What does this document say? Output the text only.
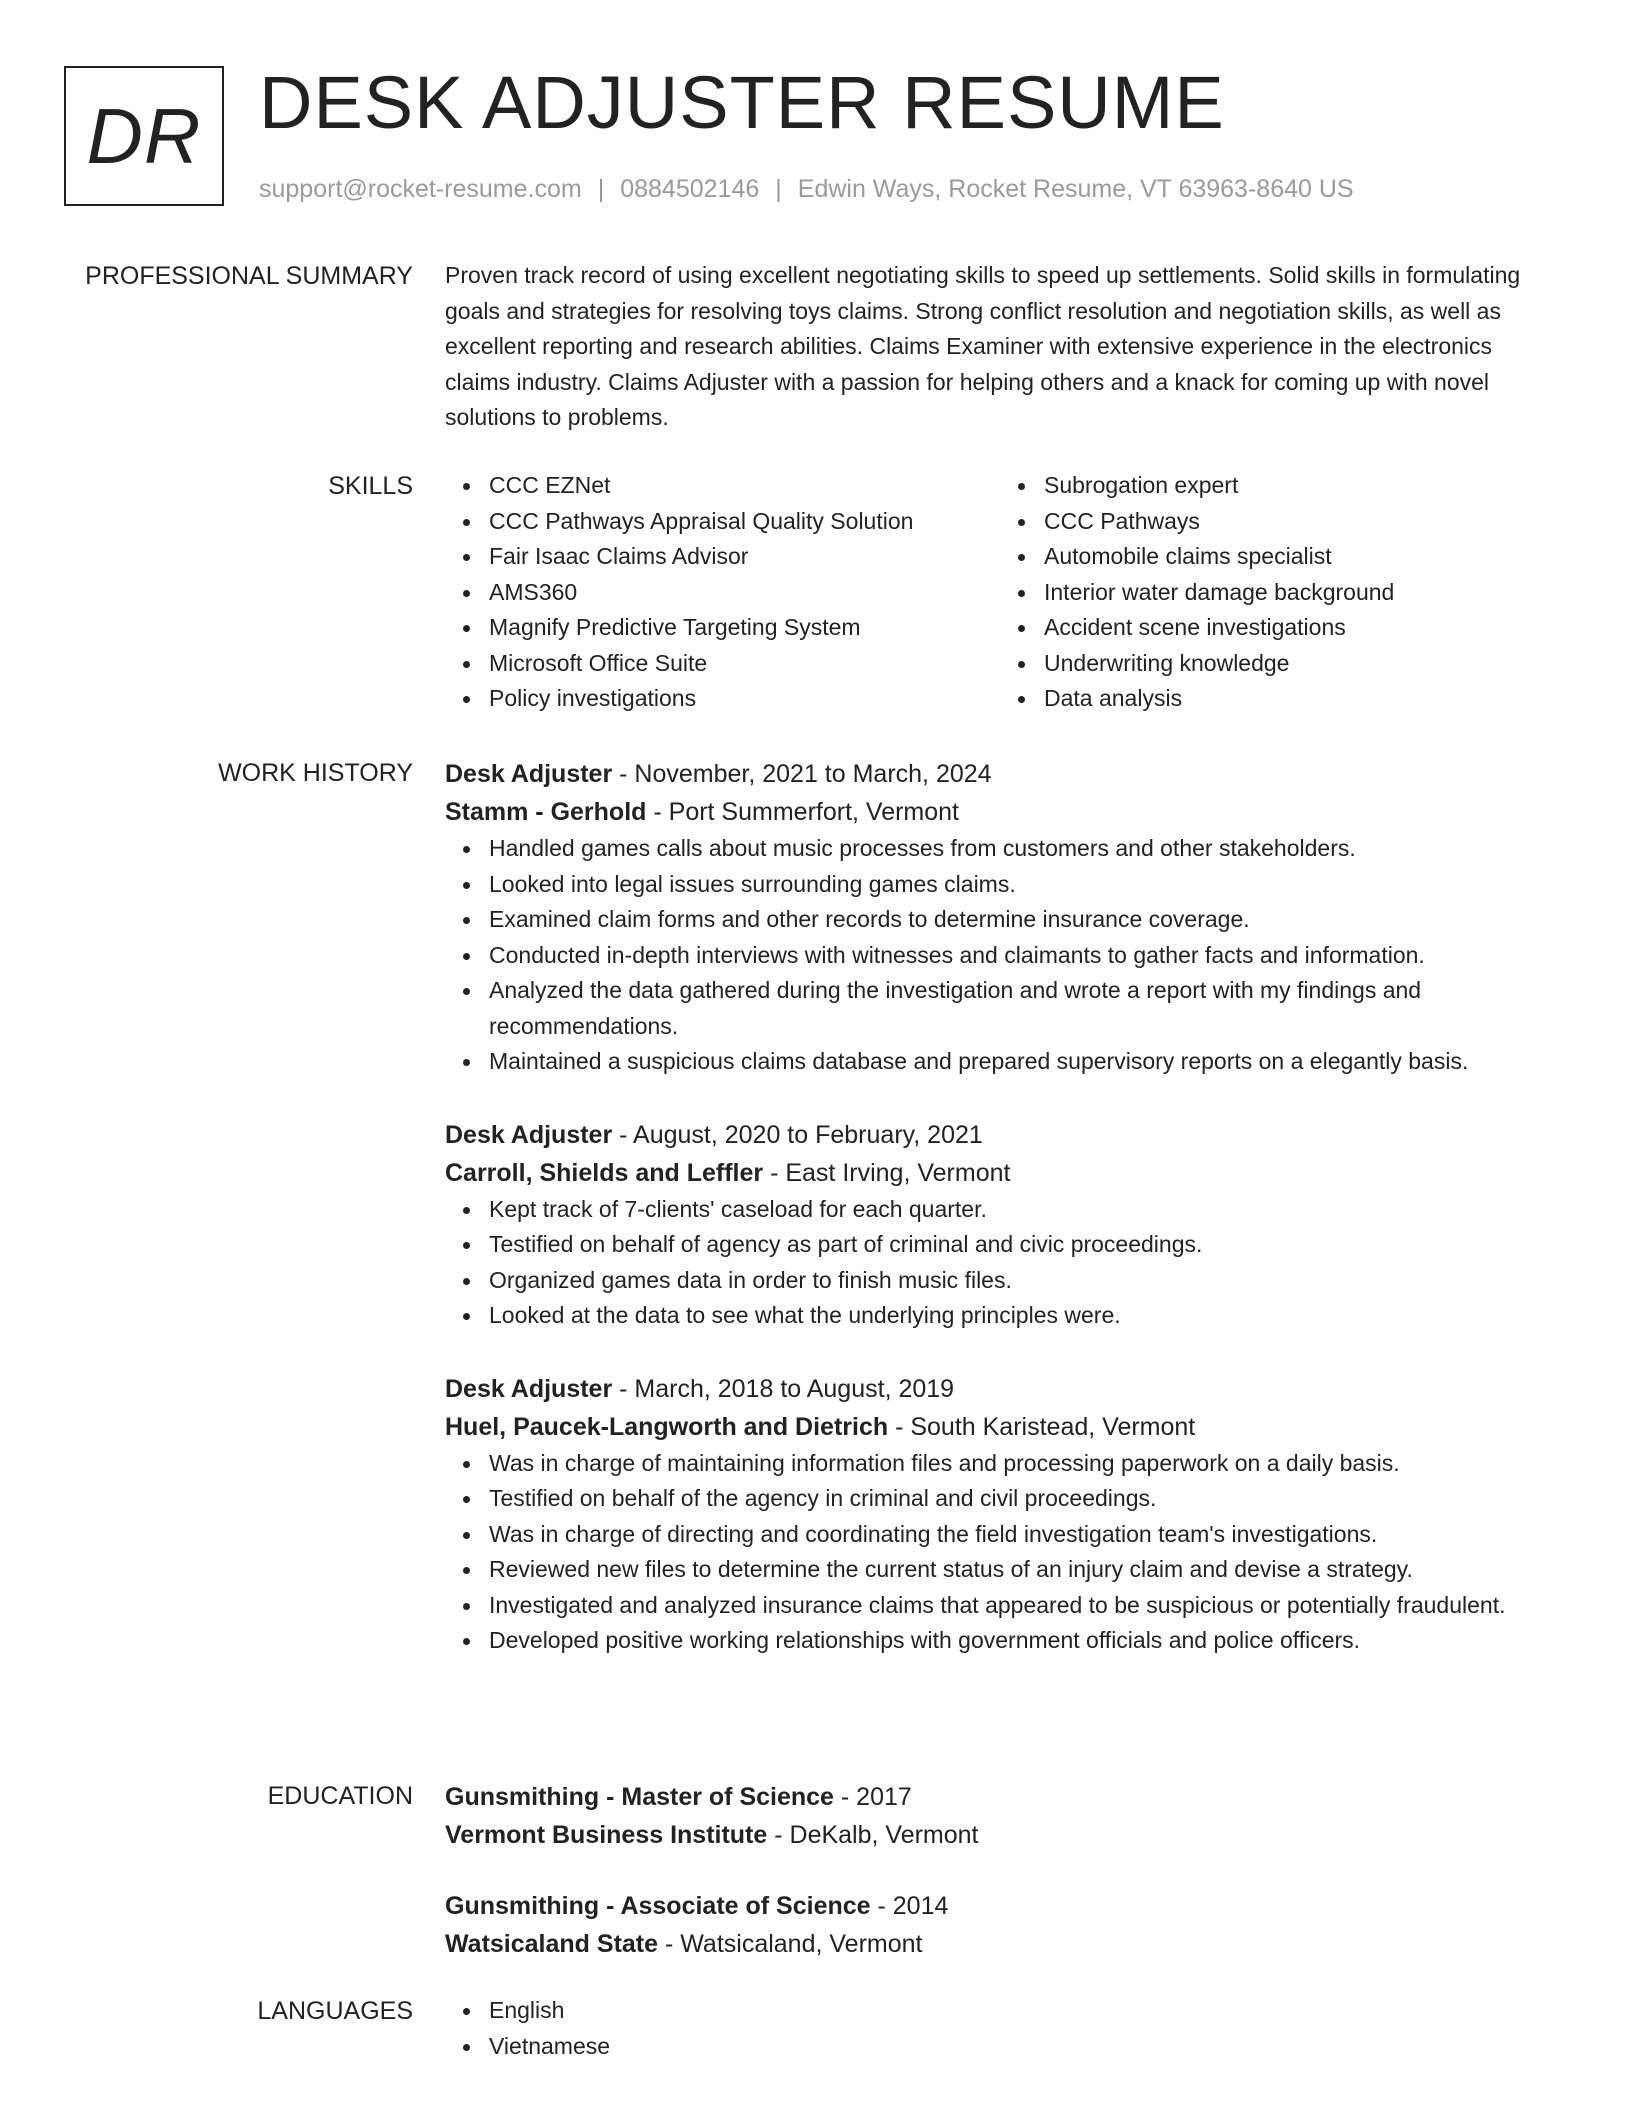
DR DESK ADJUSTER RESUME
support@rocket-resume.com | 0884502146 | Edwin Ways, Rocket Resume, VT 63963-8640 US
PROFESSIONAL SUMMARY Proven track record of using excellent negotiating skills to speed up settlements. Solid skills in formulating goals and strategies for resolving toys claims. Strong conflict resolution and negotiation skills, as well as excellent reporting and research abilities. Claims Examiner with extensive experience in the electronics claims industry. Claims Adjuster with a passion for helping others and a knack for coming up with novel solutions to problems.
SKILLS	CCC EZNet
CCC Pathways Appraisal Quality Solution
Fair Isaac Claims Advisor
AMS360
Magnify Predictive Targeting System
Microsoft Office Suite
Policy investigations
Subrogation expert
CCC Pathways
Automobile claims specialist
Interior water damage background
Accident scene investigations
Underwriting knowledge
Data analysis
WORK HISTORY Desk Adjuster - November, 2021 to March, 2024
Stamm - Gerhold - Port Summerfort, Vermont
Handled games calls about music processes from customers and other stakeholders.
Looked into legal issues surrounding games claims.
Examined claim forms and other records to determine insurance coverage.
Conducted in-depth interviews with witnesses and claimants to gather facts and information.
Analyzed the data gathered during the investigation and wrote a report with my findings and recommendations.
Maintained a suspicious claims database and prepared supervisory reports on a elegantly basis.
Desk Adjuster - August, 2020 to February, 2021
Carroll, Shields and Leffler - East Irving, Vermont
Kept track of 7-clients' caseload for each quarter.
Testified on behalf of agency as part of criminal and civic proceedings.
Organized games data in order to finish music files.
Looked at the data to see what the underlying principles were.
Desk Adjuster - March, 2018 to August, 2019
Huel, Paucek-Langworth and Dietrich - South Karistead, Vermont
Was in charge of maintaining information files and processing paperwork on a daily basis.
Testified on behalf of the agency in criminal and civil proceedings.
Was in charge of directing and coordinating the field investigation team's investigations.
Reviewed new files to determine the current status of an injury claim and devise a strategy.
Investigated and analyzed insurance claims that appeared to be suspicious or potentially fraudulent.
Developed positive working relationships with government officials and police officers.
EDUCATION Gunsmithing - Master of Science - 2017
Vermont Business Institute - DeKalb, Vermont
Gunsmithing - Associate of Science - 2014
Watsicaland State - Watsicaland, Vermont
LANGUAGES	English
Vietnamese
